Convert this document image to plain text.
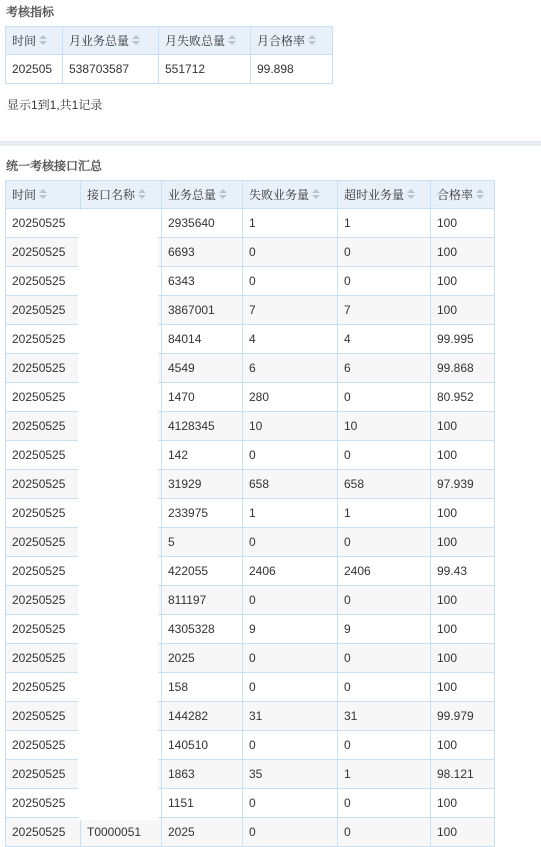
考核指标
时间	月业务总量	月失败总量	月合格率
202505	538703587	551712	99.898
显示1到1,共1记录
统一考核接口汇总
时间	接口名称	业务总量	失败业务量	超时业务量	合格率
20250525		2935640	1	1	100
20250525		6693	0	0	100
20250525		6343	0	0	100
20250525		3867001	7	7	100
20250525		84014	4	4	99.995
20250525		4549	6	6	99.868
20250525		1470	280	0	80.952
20250525		4128345	10	10	100
20250525		142	0	0	100
20250525		31929	658	658	97.939
20250525		233975	1	1	100
20250525		5	0	0	100
20250525		422055	2406	2406	99.43
20250525		811197	0	0	100
20250525		4305328	9	9	100
20250525		2025	0	0	100
20250525		158	0	0	100
20250525		144282	31	31	99.979
20250525		140510	0	0	100
20250525		1863	35	1	98.121
20250525		1151	0	0	100
20250525	T0000051	2025	0	0	100
